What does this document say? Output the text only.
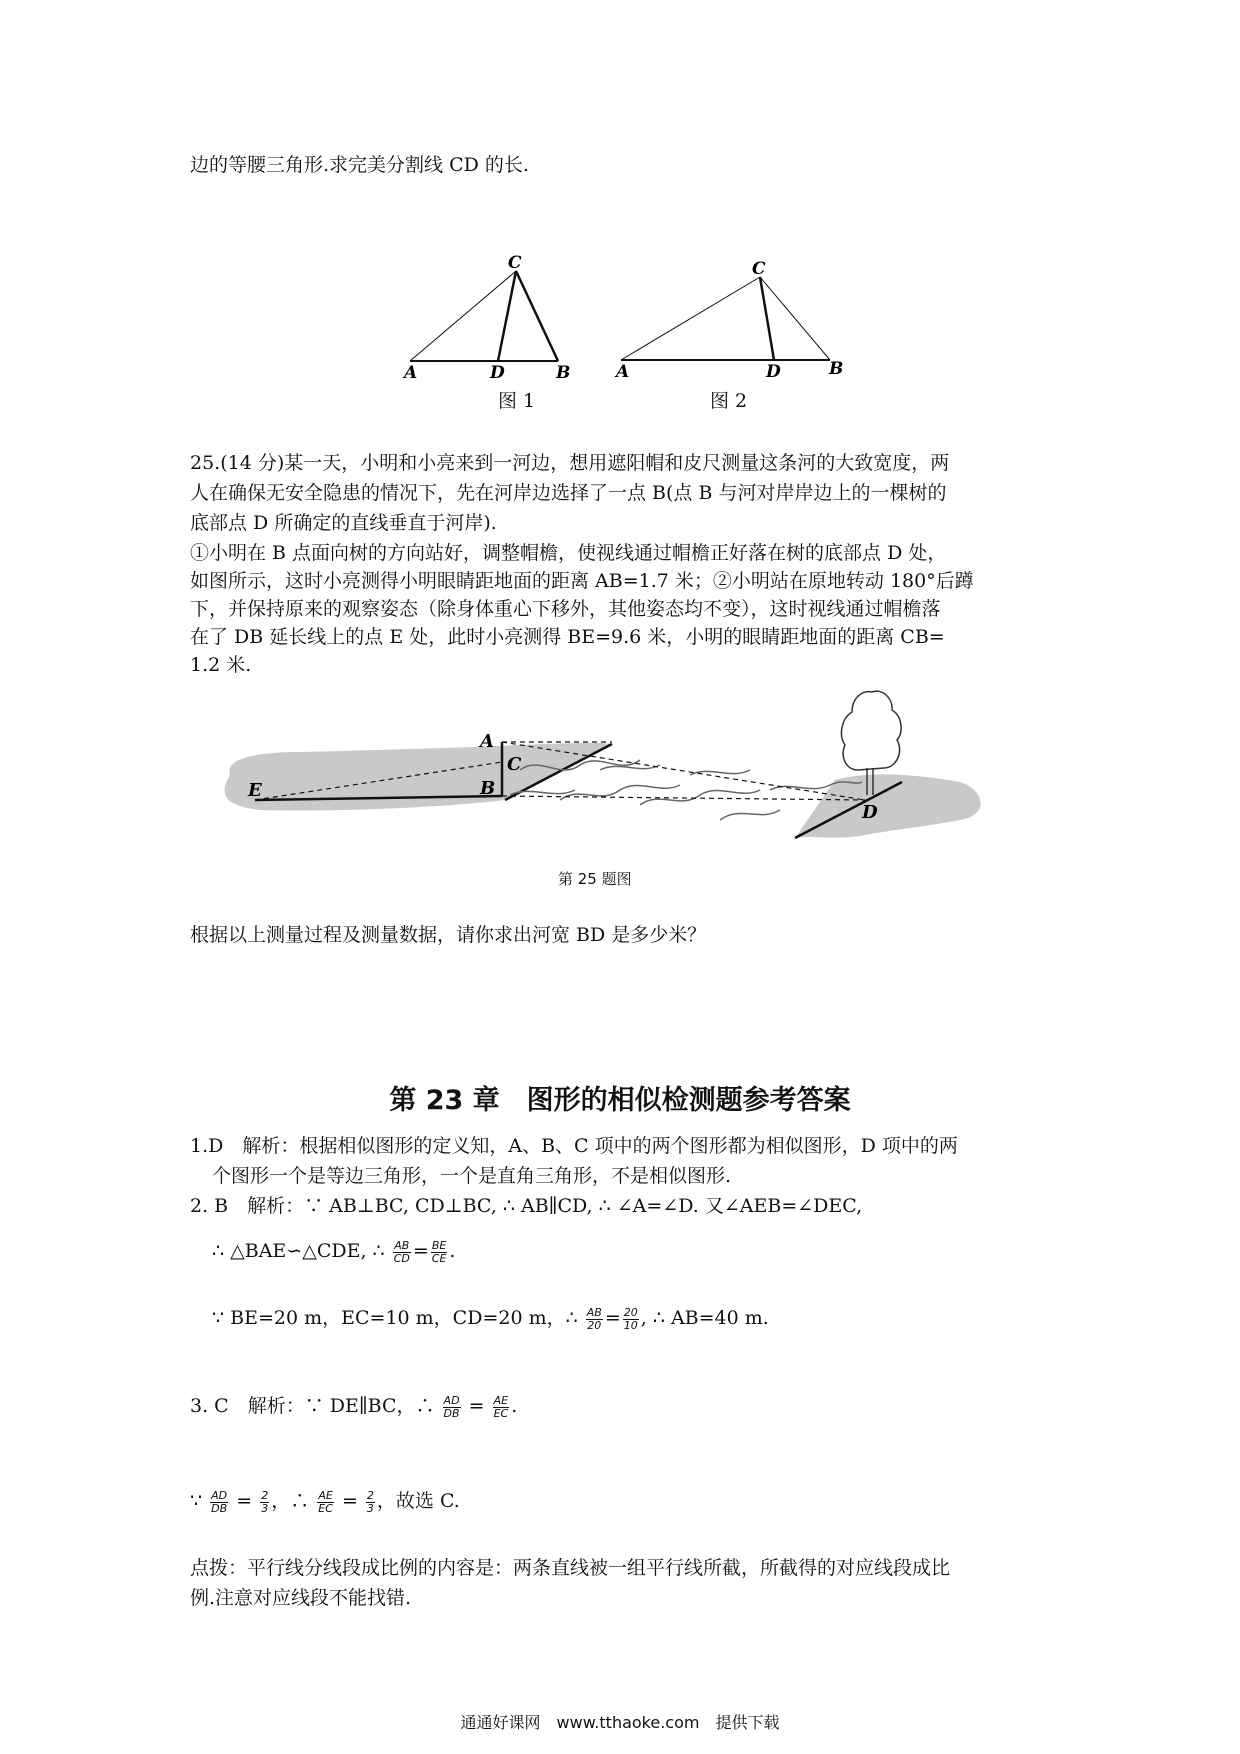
边的等腰三角形.求完美分割线 CD 的长.
C
A	D	B
C
A	D	B
图 1	图 2
25.(14 分)某一天，小明和小亮来到一河边，想用遮阳帽和皮尺测量这条河的大致宽度，两
人在确保无安全隐患的情况下，先在河岸边选择了一点 B(点 B 与河对岸岸边上的一棵树的
底部点 D 所确定的直线垂直于河岸).
①小明在 B 点面向树的方向站好，调整帽檐，使视线通过帽檐正好落在树的底部点 D 处，
如图所示，这时小亮测得小明眼睛距地面的距离 AB=1.7 米；②小明站在原地转动 180°后蹲
下，并保持原来的观察姿态（除身体重心下移外，其他姿态均不变），这时视线通过帽檐落
在了 DB 延长线上的点 E 处，此时小亮测得 BE=9.6 米，小明的眼睛距地面的距离 CB=
1.2 米.
A
C
E	B
D
第 25 题图
根据以上测量过程及测量数据，请你求出河宽 BD 是多少米？
第 23 章　图形的相似检测题参考答案
1.D　解析：根据相似图形的定义知，A、B、C 项中的两个图形都为相似图形，D 项中的两
个图形一个是等边三角形，一个是直角三角形，不是相似图形.
2. B　解析：∵ AB⊥BC, CD⊥BC, ∴ AB∥CD, ∴ ∠A=∠D. 又∠AEB=∠DEC,
∴ △BAE∽△CDE, ∴ $\frac{AB}{CD} = \frac{BE}{CE}$ .
∵ BE=20 m，EC=10 m，CD=20 m，∴ $\frac{AB}{20} = \frac{20}{10}$ , ∴ AB=40 m.
3. C　解析：∵ DE∥BC，∴ $\frac{AD}{DB} = \frac{AE}{EC}$ .
∵ $\frac{AD}{DB} = \frac{2}{3}$ ，∴ $\frac{AE}{EC} = \frac{2}{3}$ ，故选 C.
点拨：平行线分线段成比例的内容是：两条直线被一组平行线所截，所截得的对应线段成比
例.注意对应线段不能找错.
通通好课网　www.tthaoke.com　提供下载
